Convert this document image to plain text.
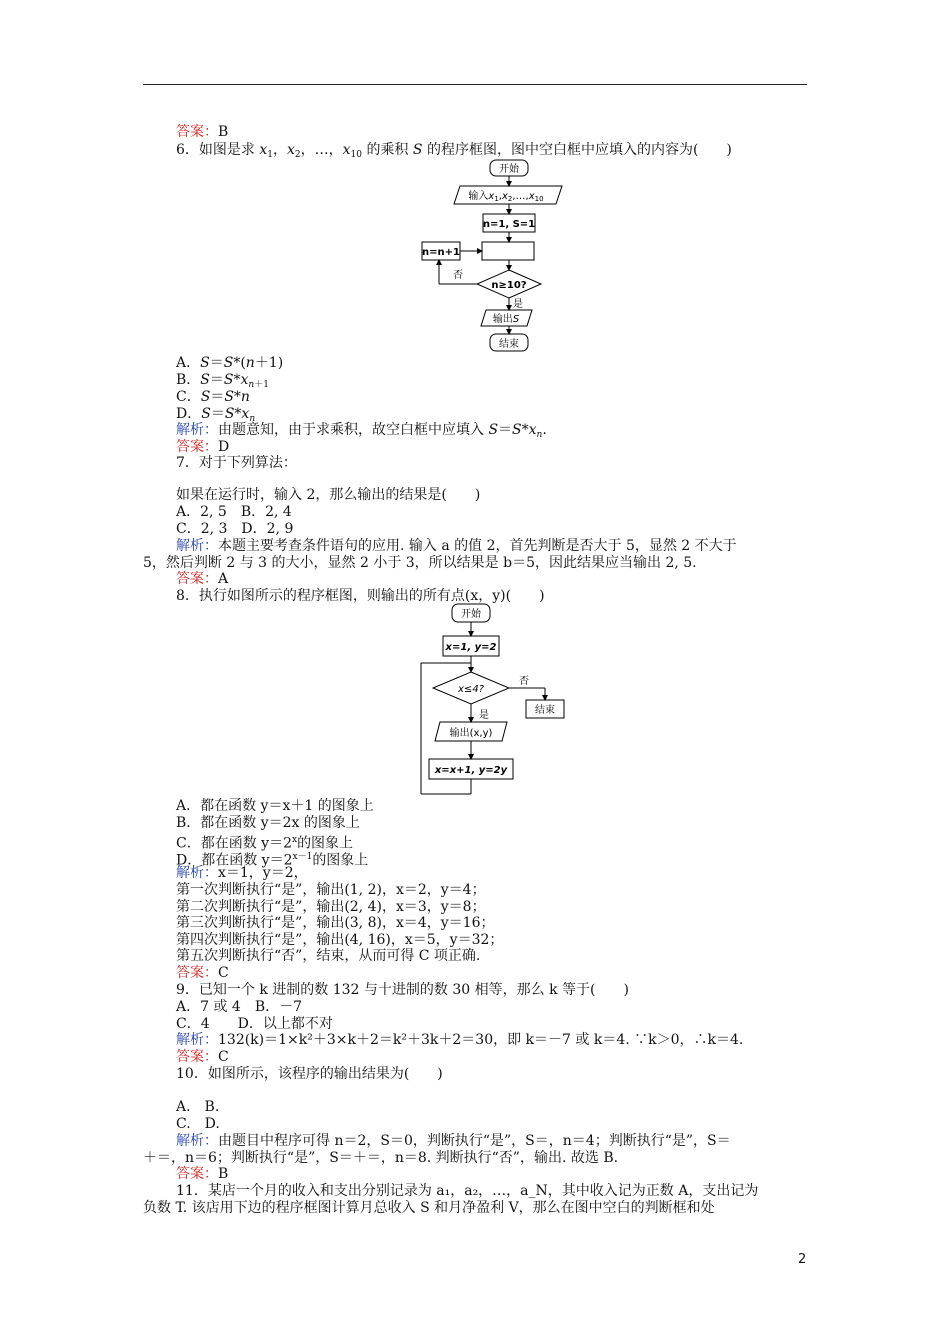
答案：B
6．如图是求 $x_1$，$x_2$，…，$x_{10}$ 的乘积 S 的程序框图，图中空白框中应填入的内容为(　　)
开始
输入$x_1,x_2,\dots,x_{10}$
n=1, S=1
n=n+1
否
n≥10?
是
输出S
结束
A．S＝S*(n＋1)
B．$S=S*x_{n+1}$
C．S＝S*n
D．$S=S*x_n$
解析：由题意知，由于求乘积，故空白框中应填入 $S=S*x_n$.
答案：D
7．对于下列算法：
如果在运行时，输入 2，那么输出的结果是(　　)
A．2, 5　B．2, 4
C．2, 3　D．2, 9
解析：本题主要考查条件语句的应用. 输入 a 的值 2，首先判断是否大于 5，显然 2 不大于
5，然后判断 2 与 3 的大小，显然 2 小于 3，所以结果是 b＝5，因此结果应当输出 2, 5.
答案：A
8．执行如图所示的程序框图，则输出的所有点(x，y)(　　)
开始
x=1, y=2
x≤4?
否
结束
是
输出(x,y)
x=x+1, y=2y
A．都在函数 y＝x＋1 的图象上
B．都在函数 y＝2x 的图象上
C．都在函数 $y=2^x$的图象上
D．都在函数 $y=2^{x-1}$的图象上
解析：x＝1，y＝2，
第一次判断执行“是”，输出(1, 2)，x＝2，y＝4；
第二次判断执行“是”，输出(2, 4)，x＝3，y＝8；
第三次判断执行“是”，输出(3, 8)，x＝4，y＝16；
第四次判断执行“是”，输出(4, 16)，x＝5，y＝32；
第五次判断执行“否”，结束，从而可得 C 项正确.
答案：C
9．已知一个 k 进制的数 132 与十进制的数 30 相等，那么 k 等于(　　)
A．7 或 4　B．－7
C．4　　D．以上都不对
解析：132(k)＝1×k²＋3×k＋2＝k²＋3k＋2＝30，即 k＝－7 或 k＝4. ∵k＞0，∴k＝4.
答案：C
10．如图所示，该程序的输出结果为(　　)
A.　B.
C.　D.
解析：由题目中程序可得 n＝2，S＝0，判断执行“是”，S＝，n＝4；判断执行“是”，S＝
＋＝，n＝6；判断执行“是”，S＝＋＝，n＝8. 判断执行“否”，输出. 故选 B.
答案：B
11．某店一个月的收入和支出分别记录为 a₁，a₂，…，a_N，其中收入记为正数 A，支出记为
负数 T. 该店用下边的程序框图计算月总收入 S 和月净盈利 V，那么在图中空白的判断框和处
2
